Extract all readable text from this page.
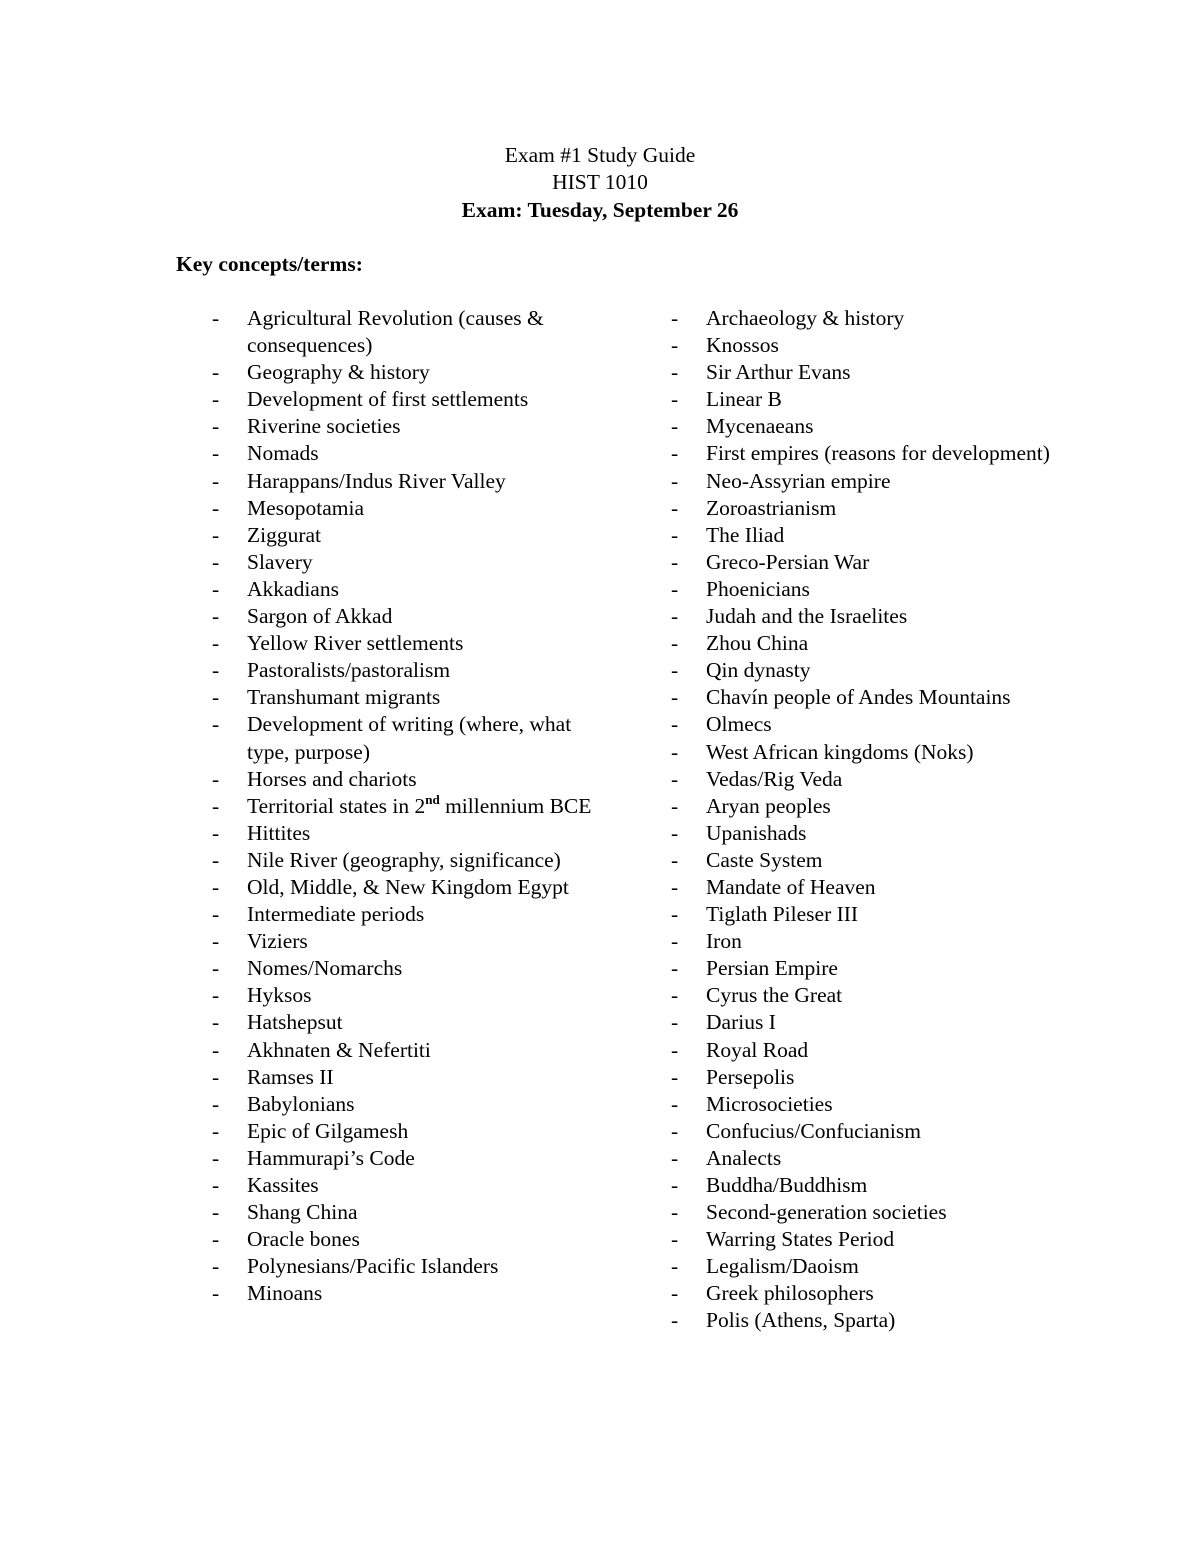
Exam #1 Study Guide
HIST 1010
Exam: Tuesday, September 26
Key concepts/terms:
- Agricultural Revolution (causes & consequences)
- Geography & history
- Development of first settlements
- Riverine societies
- Nomads
- Harappans/Indus River Valley
- Mesopotamia
- Ziggurat
- Slavery
- Akkadians
- Sargon of Akkad
- Yellow River settlements
- Pastoralists/pastoralism
- Transhumant migrants
- Development of writing (where, what type, purpose)
- Horses and chariots
- Territorial states in 2nd millennium BCE
- Hittites
- Nile River (geography, significance)
- Old, Middle, & New Kingdom Egypt
- Intermediate periods
- Viziers
- Nomes/Nomarchs
- Hyksos
- Hatshepsut
- Akhnaten & Nefertiti
- Ramses II
- Babylonians
- Epic of Gilgamesh
- Hammurapi’s Code
- Kassites
- Shang China
- Oracle bones
- Polynesians/Pacific Islanders
- Minoans
- Archaeology & history
- Knossos
- Sir Arthur Evans
- Linear B
- Mycenaeans
- First empires (reasons for development)
- Neo-Assyrian empire
- Zoroastrianism
- The Iliad
- Greco-Persian War
- Phoenicians
- Judah and the Israelites
- Zhou China
- Qin dynasty
- Chavín people of Andes Mountains
- Olmecs
- West African kingdoms (Noks)
- Vedas/Rig Veda
- Aryan peoples
- Upanishads
- Caste System
- Mandate of Heaven
- Tiglath Pileser III
- Iron
- Persian Empire
- Cyrus the Great
- Darius I
- Royal Road
- Persepolis
- Microsocieties
- Confucius/Confucianism
- Analects
- Buddha/Buddhism
- Second-generation societies
- Warring States Period
- Legalism/Daoism
- Greek philosophers
- Polis (Athens, Sparta)
